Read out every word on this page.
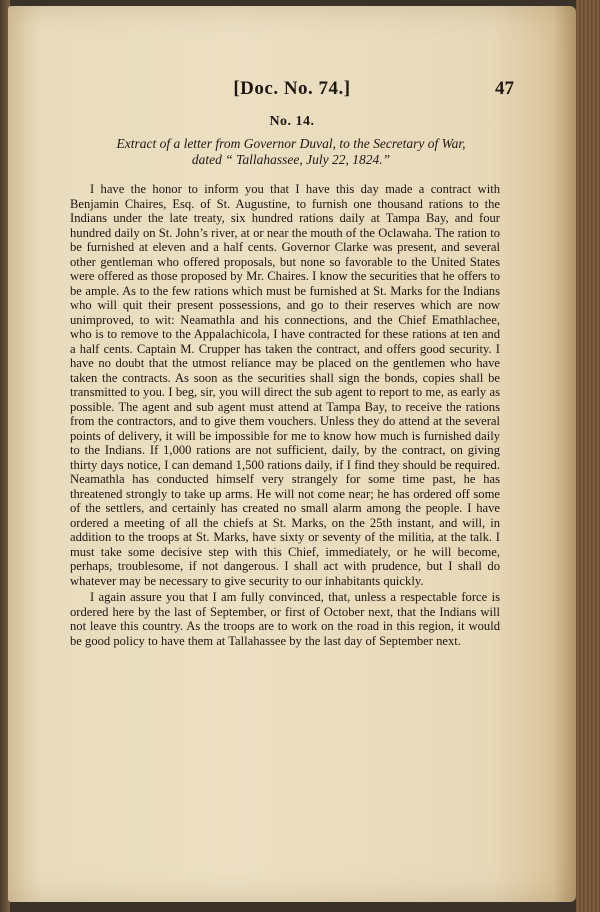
[Doc. No. 74.]	47
No. 14.
Extract of a letter from Governor Duval, to the Secretary of War,
dated “ Tallahassee, July 22, 1824.”

I have the honor to inform you that I have this day made a contract with Benjamin Chaires, Esq. of St. Augustine, to furnish one thousand rations to the Indians under the late treaty, six hundred rations daily at Tampa Bay, and four hundred daily on St. John’s river, at or near the mouth of the Oclawaha. The ration to be furnished at eleven and a half cents. Governor Clarke was present, and several other gentleman who offered proposals, but none so favorable to the United States were offered as those proposed by Mr. Chaires. I know the securities that he offers to be ample. As to the few rations which must be furnished at St. Marks for the Indians who will quit their present possessions, and go to their reserves which are now unimproved, to wit: Neamathla and his connections, and the Chief Emathlachee, who is to remove to the Appalachicola, I have contracted for these rations at ten and a half cents. Captain M. Crupper has taken the contract, and offers good security. I have no doubt that the utmost reliance may be placed on the gentlemen who have taken the contracts. As soon as the securities shall sign the bonds, copies shall be transmitted to you. I beg, sir, you will direct the sub agent to report to me, as early as possible. The agent and sub agent must attend at Tampa Bay, to receive the rations from the contractors, and to give them vouchers. Unless they do attend at the several points of delivery, it will be impossible for me to know how much is furnished daily to the Indians. If 1,000 rations are not sufficient, daily, by the contract, on giving thirty days notice, I can demand 1,500 rations daily, if I find they should be required. Neamathla has conducted himself very strangely for some time past, he has threatened strongly to take up arms. He will not come near; he has ordered off some of the settlers, and certainly has created no small alarm among the people. I have ordered a meeting of all the chiefs at St. Marks, on the 25th instant, and will, in addition to the troops at St. Marks, have sixty or seventy of the militia, at the talk. I must take some decisive step with this Chief, immediately, or he will become, perhaps, troublesome, if not dangerous. I shall act with prudence, but I shall do whatever may be necessary to give security to our inhabitants quickly.

I again assure you that I am fully convinced, that, unless a respectable force is ordered here by the last of September, or first of October next, that the Indians will not leave this country. As the troops are to work on the road in this region, it would be good policy to have them at Tallahassee by the last day of September next.
